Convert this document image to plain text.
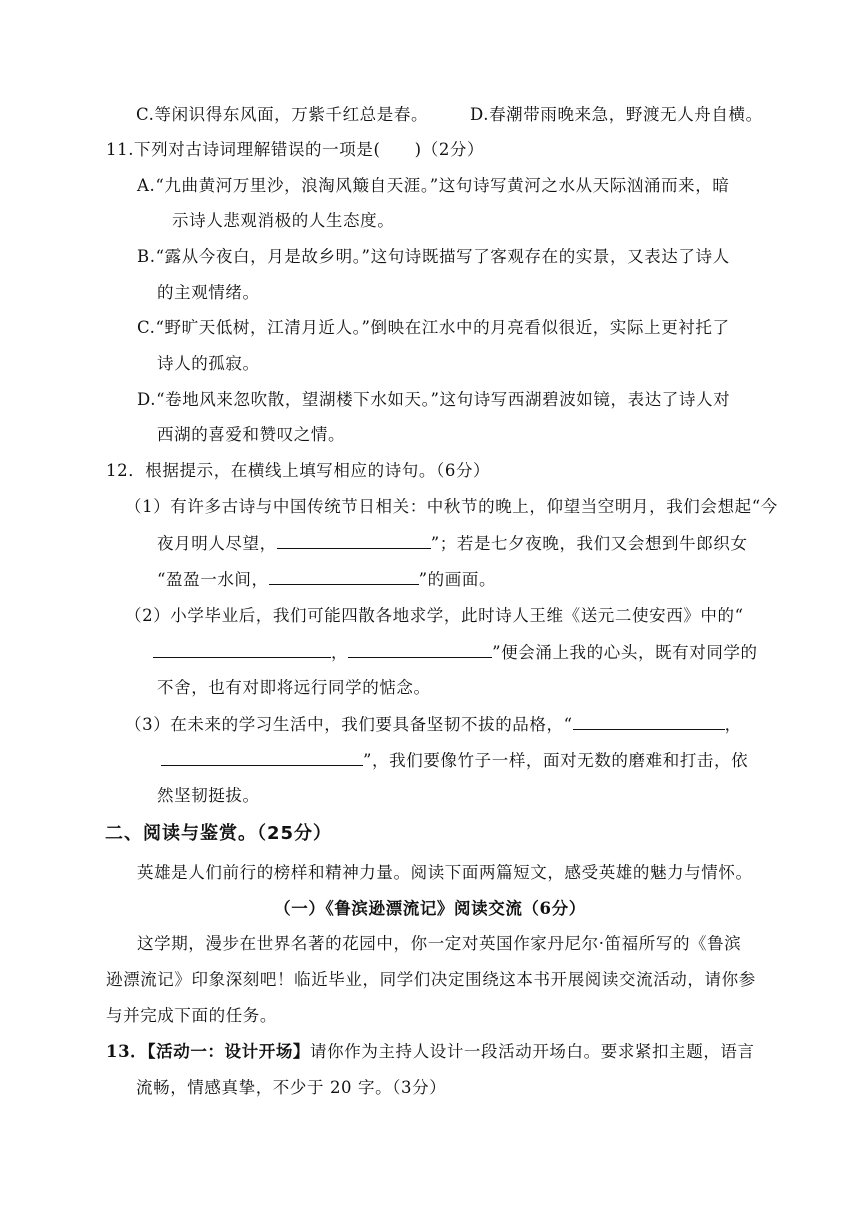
C.等闲识得东风面，万紫千红总是春。	D.春潮带雨晚来急，野渡无人舟自横。
11.下列对古诗词理解错误的一项是(　　)（2分）
A.“九曲黄河万里沙，浪淘风簸自天涯。”这句诗写黄河之水从天际汹涌而来，暗
示诗人悲观消极的人生态度。
B.“露从今夜白，月是故乡明。”这句诗既描写了客观存在的实景，又表达了诗人
的主观情绪。
C.“野旷天低树，江清月近人。”倒映在江水中的月亮看似很近，实际上更衬托了
诗人的孤寂。
D.“卷地风来忽吹散，望湖楼下水如天。”这句诗写西湖碧波如镜，表达了诗人对
西湖的喜爱和赞叹之情。
12．根据提示，在横线上填写相应的诗句。（6分）
（1）有许多古诗与中国传统节日相关：中秋节的晚上，仰望当空明月，我们会想起“今
夜月明人尽望，	”；若是七夕夜晚，我们又会想到牛郎织女
“盈盈一水间，	”的画面。
（2）小学毕业后，我们可能四散各地求学，此时诗人王维《送元二使安西》中的“
，	”便会涌上我的心头，既有对同学的
不舍，也有对即将远行同学的惦念。
（3）在未来的学习生活中，我们要具备坚韧不拔的品格，“	，
”，我们要像竹子一样，面对无数的磨难和打击，依
然坚韧挺拔。
二、阅读与鉴赏。（25分）
英雄是人们前行的榜样和精神力量。阅读下面两篇短文，感受英雄的魅力与情怀。
（一）《鲁滨逊漂流记》阅读交流（6分）
这学期，漫步在世界名著的花园中，你一定对英国作家丹尼尔·笛福所写的《鲁滨
逊漂流记》印象深刻吧！临近毕业，同学们决定围绕这本书开展阅读交流活动，请你参
与并完成下面的任务。
13．【活动一：设计开场】请你作为主持人设计一段活动开场白。要求紧扣主题，语言
流畅，情感真挚，不少于 20 字。（3分）
